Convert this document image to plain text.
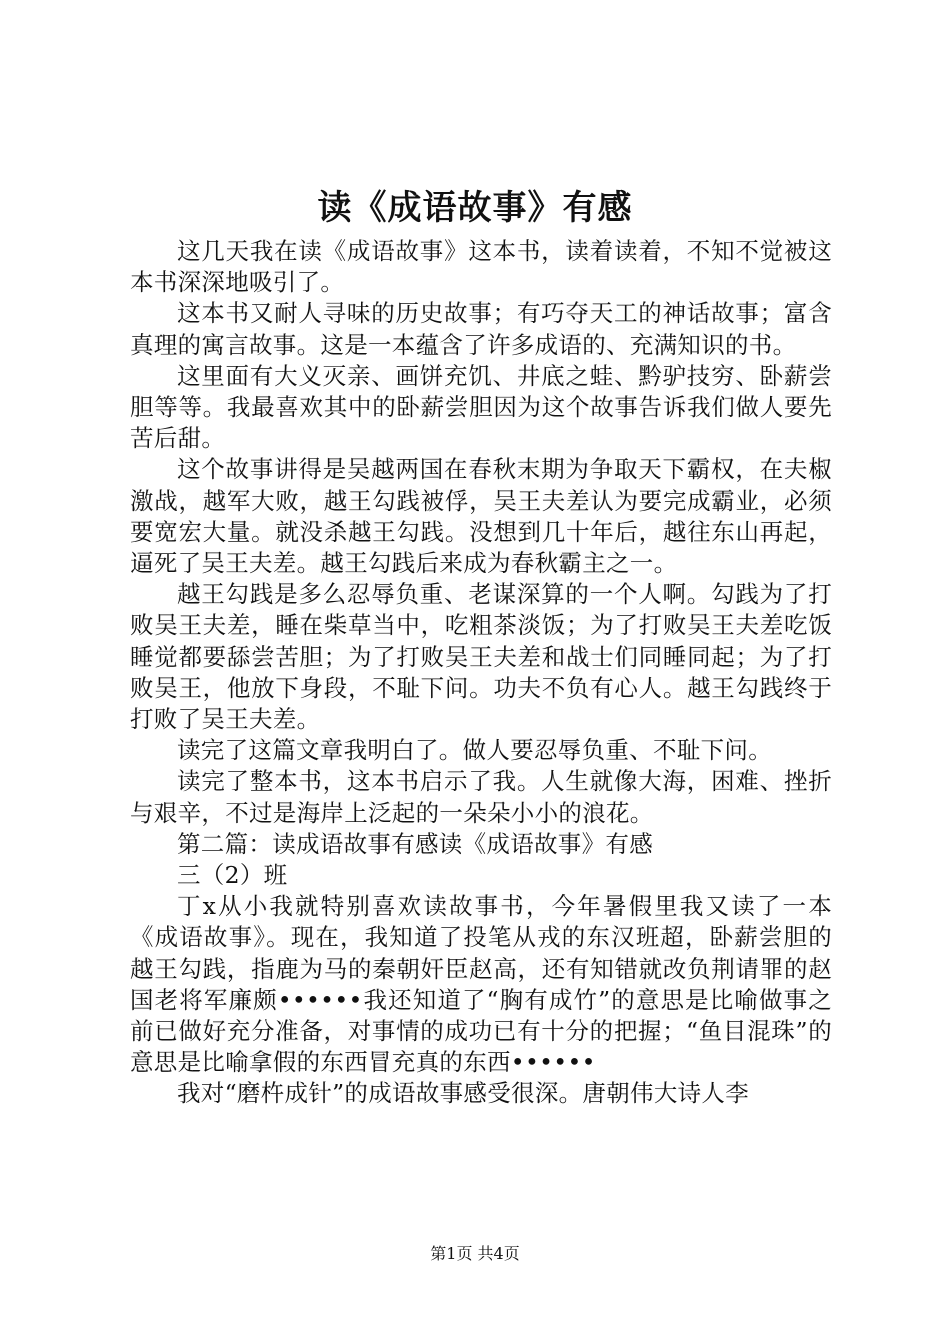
读《成语故事》有感

这几天我在读《成语故事》这本书，读着读着，不知不觉被这本书深深地吸引了。

这本书又耐人寻味的历史故事；有巧夺天工的神话故事；富含真理的寓言故事。这是一本蕴含了许多成语的、充满知识的书。

这里面有大义灭亲、画饼充饥、井底之蛙、黔驴技穷、卧薪尝胆等等。我最喜欢其中的卧薪尝胆因为这个故事告诉我们做人要先苦后甜。

这个故事讲得是吴越两国在春秋末期为争取天下霸权，在夫椒激战，越军大败，越王勾践被俘，吴王夫差认为要完成霸业，必须要宽宏大量。就没杀越王勾践。没想到几十年后，越往东山再起，逼死了吴王夫差。越王勾践后来成为春秋霸主之一。

越王勾践是多么忍辱负重、老谋深算的一个人啊。勾践为了打败吴王夫差，睡在柴草当中，吃粗茶淡饭；为了打败吴王夫差吃饭睡觉都要舔尝苦胆；为了打败吴王夫差和战士们同睡同起；为了打败吴王，他放下身段，不耻下问。功夫不负有心人。越王勾践终于打败了吴王夫差。

读完了这篇文章我明白了。做人要忍辱负重、不耻下问。

读完了整本书，这本书启示了我。人生就像大海，困难、挫折与艰辛，不过是海岸上泛起的一朵朵小小的浪花。

第二篇：读成语故事有感读《成语故事》有感

三（2）班

丁x从小我就特别喜欢读故事书，今年暑假里我又读了一本《成语故事》。现在，我知道了投笔从戎的东汉班超，卧薪尝胆的越王勾践，指鹿为马的秦朝奸臣赵高，还有知错就改负荆请罪的赵国老将军廉颇••••••我还知道了“胸有成竹”的意思是比喻做事之前已做好充分准备，对事情的成功已有十分的把握；“鱼目混珠”的意思是比喻拿假的东西冒充真的东西••••••

我对“磨杵成针”的成语故事感受很深。唐朝伟大诗人李

第1页 共4页
